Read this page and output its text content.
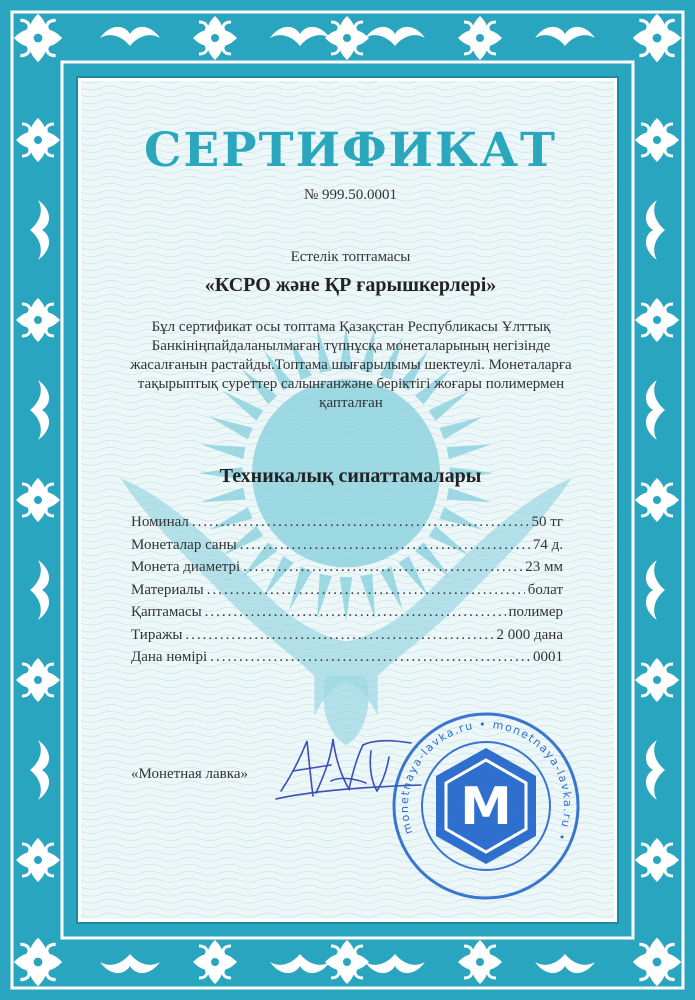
СЕРТИФИКАТ
№ 999.50.0001
Естелік топтамасы
«КСРО және ҚР ғарышкерлері»
Бұл сертификат осы топтама Қазақстан Республикасы Ұлттық Банкініңпайдаланылмаған түпнұсқа монеталарының негізінде жасалғанын растайды.Топтама шығарылымы шектеулі. Монеталарға тақырыптық суреттер салынғанжәне беріктігі жоғары полимермен қапталған
Техникалық сипаттамалары
Номинал .....	50 тг
Монеталар саны .....	74 д.
Монета диаметрі .....	23 мм
Материалы .....	болат
Қаптамасы .....	полимер
Тиражы .....	2 000 дана
Дана нөмірі .....	0001
«Монетная лавка»
monetnaya-lavka.ru • monetnaya-lavka.ru •
M
